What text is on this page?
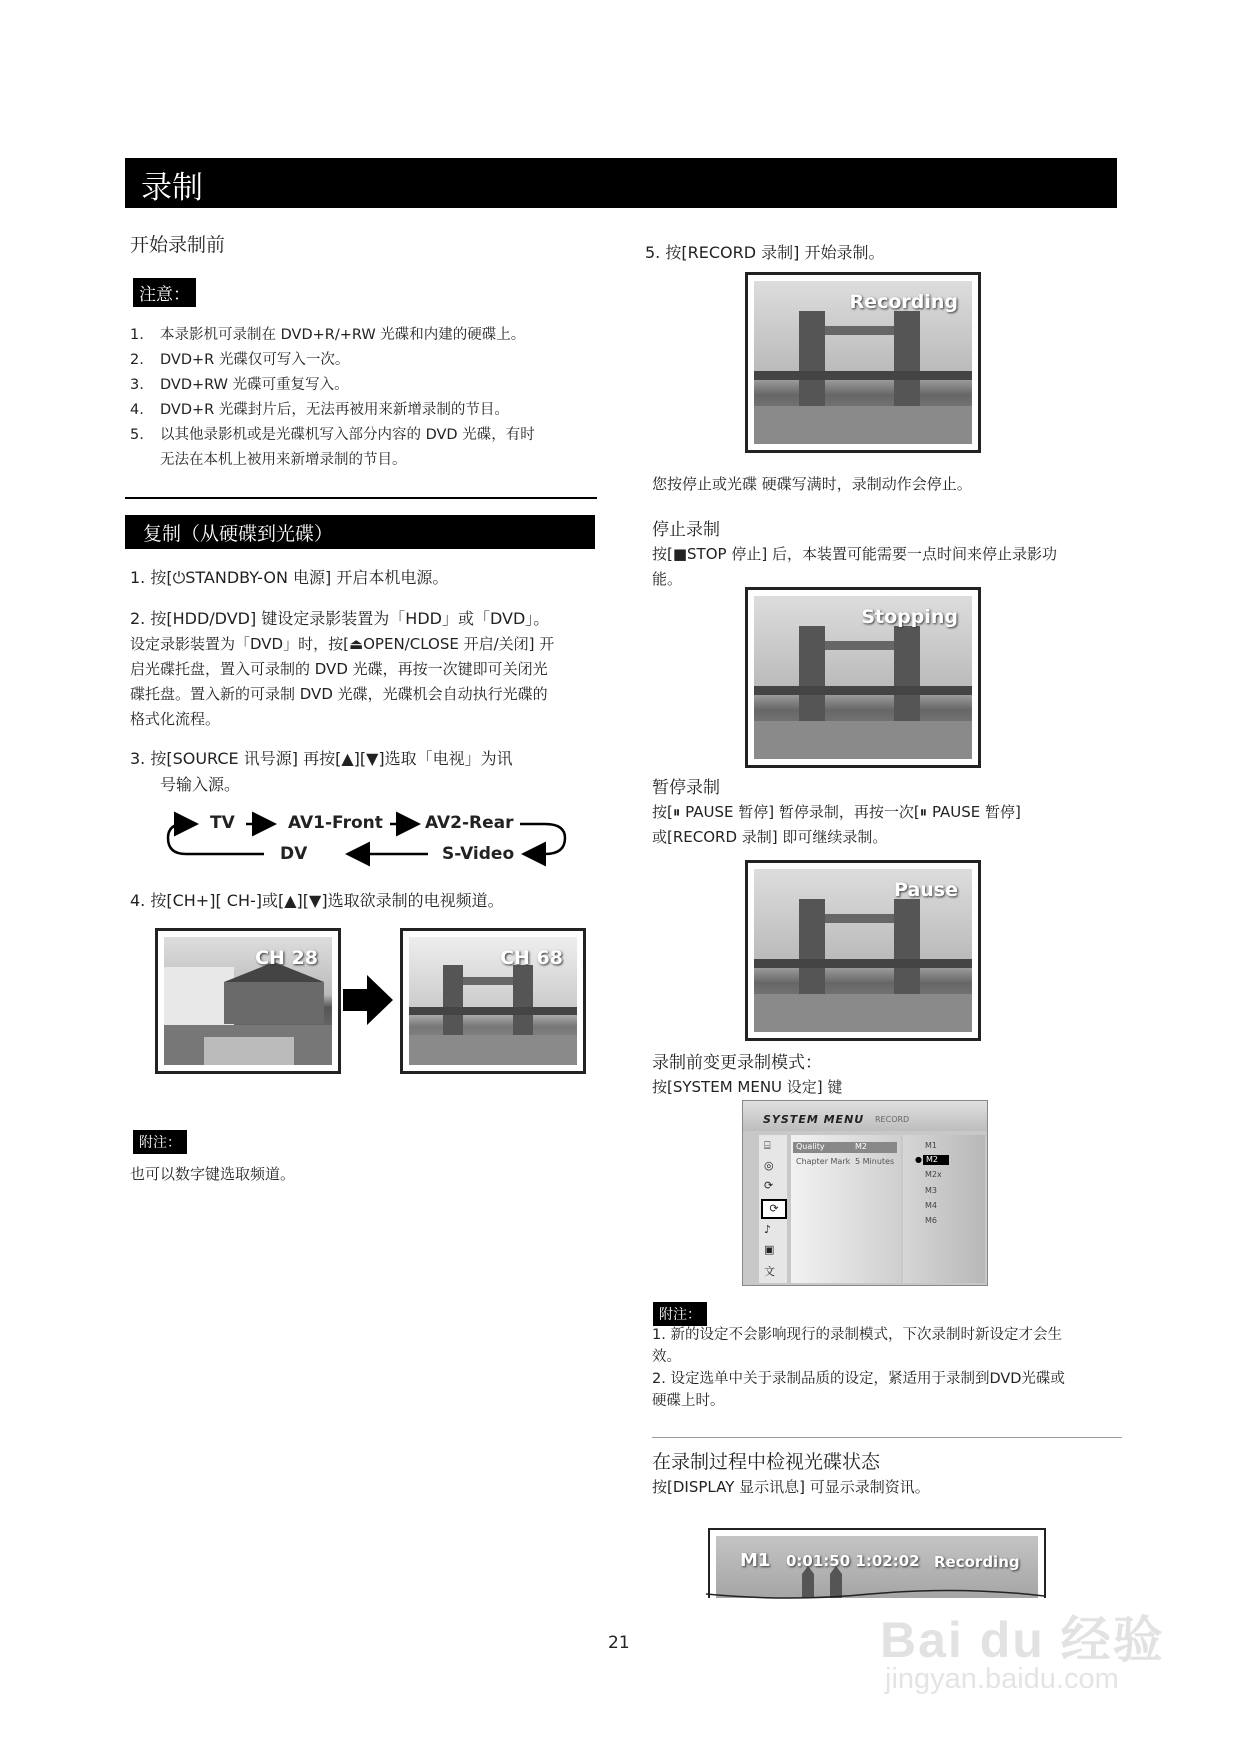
录制
开始录制前
注意：
1. 本录影机可录制在 DVD+R/+RW 光碟和内建的硬碟上。
2. DVD+R 光碟仅可写入一次。
3. DVD+RW 光碟可重复写入。
4. DVD+R 光碟封片后，无法再被用来新增录制的节目。
5. 以其他录影机或是光碟机写入部分内容的 DVD 光碟，有时
无法在本机上被用来新增录制的节目。
复制（从硬碟到光碟）
1. 按[⏻STANDBY-ON 电源] 开启本机电源。
2. 按[HDD/DVD] 键设定录影装置为「HDD」或「DVD」。
设定录影装置为「DVD」时，按[⏏OPEN/CLOSE 开启/关闭] 开
启光碟托盘，置入可录制的 DVD 光碟，再按一次键即可关闭光
碟托盘。置入新的可录制 DVD 光碟，光碟机会自动执行光碟的
格式化流程。
3. 按[SOURCE 讯号源] 再按[▲][▼]选取「电视」为讯
号输入源。
TV	AV1-Front AV2-Rear
DV	S-Video
4. 按[CH+][ CH-]或[▲][▼]选取欲录制的电视频道。
CH 28	CH 68
附注：
也可以数字键选取频道。
5. 按[RECORD 录制] 开始录制。
Recording
您按停止或光碟 硬碟写满时，录制动作会停止。
停止录制
按[■STOP 停止] 后，本装置可能需要一点时间来停止录影功
能。
Stopping
暂停录制
按[⏸ PAUSE 暂停] 暂停录制，再按一次[⏸ PAUSE 暂停]
或[RECORD 录制] 即可继续录制。
Pause
录制前变更录制模式：
按[SYSTEM MENU 设定] 键
SYSTEM MENU RECORD
⌸
◎
⟳
⟳
♪
▣
文
Quality	M2
Chapter Mark 5 Minutes
M1
● M2
M2x
M3
M4
M6
附注：
1. 新的设定不会影响现行的录制模式，下次录制时新设定才会生
效。
2. 设定选单中关于录制品质的设定，紧适用于录制到DVD光碟或
硬碟上时。
在录制过程中检视光碟状态
按[DISPLAY 显示讯息] 可显示录制资讯。
M1 0:01:50 1:02:02 Recording
21	Bai du 经验
jingyan.baidu.com
